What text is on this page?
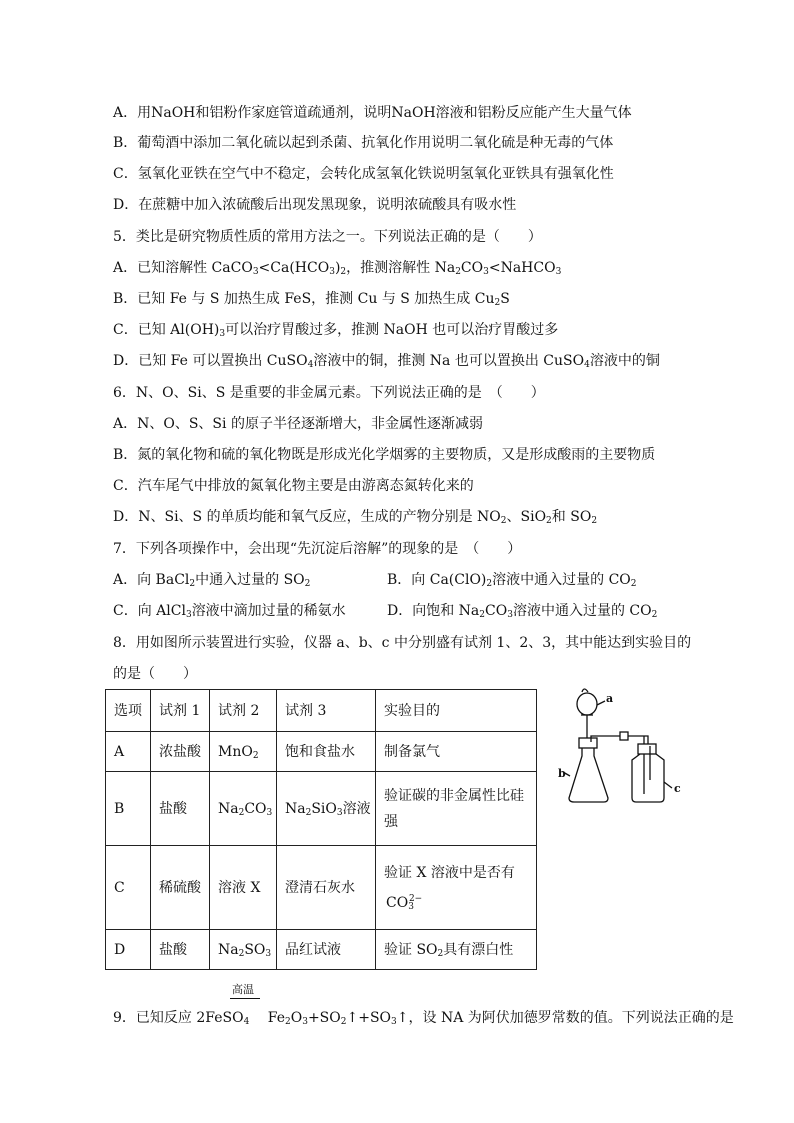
A．用NaOH和铝粉作家庭管道疏通剂，说明NaOH溶液和铝粉反应能产生大量气体
B．葡萄酒中添加二氧化硫以起到杀菌、抗氧化作用说明二氧化硫是种无毒的气体
C．氢氧化亚铁在空气中不稳定，会转化成氢氧化铁说明氢氧化亚铁具有强氧化性
D．在蔗糖中加入浓硫酸后出现发黑现象，说明浓硫酸具有吸水性
5．类比是研究物质性质的常用方法之一。下列说法正确的是（　　）
A．已知溶解性 $CaCO_3<Ca(HCO_3)_2$，推测溶解性 $Na_2CO_3<NaHCO_3$
B．已知 Fe 与 S 加热生成 FeS，推测 Cu 与 S 加热生成 $Cu_2S$
C．已知 $Al(OH)_3$可以治疗胃酸过多，推测 NaOH 也可以治疗胃酸过多
D．已知 Fe 可以置换出 CuSO$_4$溶液中的铜，推测 Na 也可以置换出 CuSO$_4$溶液中的铜
6．N、O、Si、S 是重要的非金属元素。下列说法正确的是　（　　）
A．N、O、S、Si 的原子半径逐渐增大，非金属性逐渐减弱
B．氮的氧化物和硫的氧化物既是形成光化学烟雾的主要物质，又是形成酸雨的主要物质
C．汽车尾气中排放的氮氧化物主要是由游离态氮转化来的
D．N、Si、S 的单质均能和氧气反应，生成的产物分别是 $NO_2$、SiO$_2$和 $SO_2$
7．下列各项操作中，会出现“先沉淀后溶解”的现象的是　（　　）
A．向 BaCl$_2$中通入过量的 $SO_2$	B．向 $Ca(ClO)_2$溶液中通入过量的 $CO_2$
C．向 AlCl$_3$溶液中滴加过量的稀氨水	D．向饱和 $Na_2CO_3$溶液中通入过量的 $CO_2$
8．用如图所示装置进行实验，仪器 a、b、c 中分别盛有试剂 1、2、3，其中能达到实验目的
的是（　　）
选项	试剂 1	试剂 2	试剂 3	实验目的
A	浓盐酸	MnO$_2$	饱和食盐水	制备氯气
B	盐酸	$Na_2CO_3$	$Na_2SiO_3$溶液	验证碳的非金属性比硅
强

C	稀硫酸	溶液 X	澄清石灰水	验证 X 溶液中是否有
$CO_3^{2-}$

D	盐酸	$Na_2SO_3$	品红试液	验证 $SO_2$具有漂白性
a
b
c
高温
9．已知反应 2FeSO$_4$　 $Fe_2O_3+SO_2↑+SO_3↑$，设 NA 为阿伏加德罗常数的值。下列说法正确的是
